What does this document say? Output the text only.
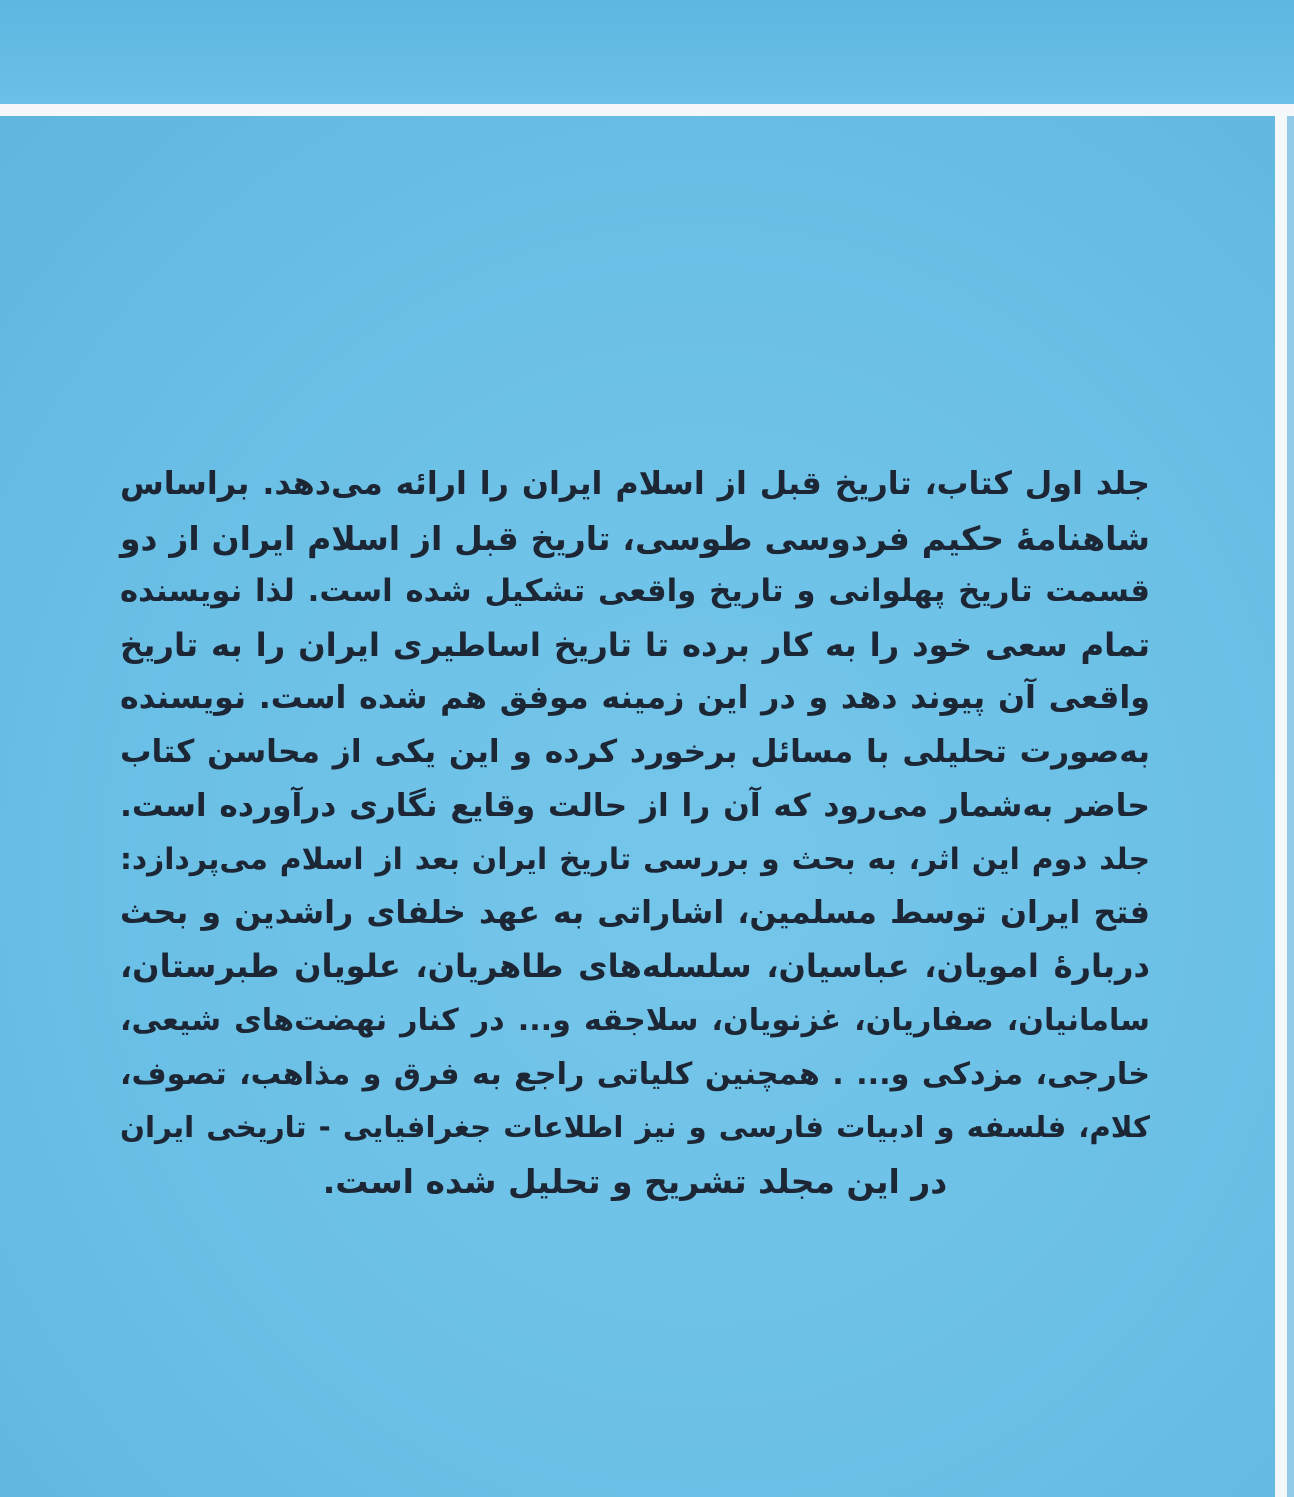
جلد اول کتاب، تاریخ قبل از اسلام ایران را ارائه می‌دهد. براساس
شاهنامهٔ حکیم فردوسی طوسی، تاریخ قبل از اسلام ایران از دو
قسمت تاریخ پهلوانی و تاریخ واقعی تشکیل شده است. لذا نویسنده
تمام سعی خود را به کار برده تا تاریخ اساطیری ایران را به تاریخ
واقعی آن پیوند دهد و در این زمینه موفق هم شده است. نویسنده
به‌صورت تحلیلی با مسائل برخورد کرده و این یکی از محاسن کتاب
حاضر به‌شمار می‌رود که آن را از حالت وقایع نگاری درآورده است.
جلد دوم این اثر، به بحث و بررسی تاریخ ایران بعد از اسلام می‌پردازد:
فتح ایران توسط مسلمین، اشاراتی به عهد خلفای راشدین و بحث
دربارهٔ امویان، عباسیان، سلسله‌های طاهریان، علویان طبرستان،
سامانیان، صفاریان، غزنویان، سلاجقه و... در کنار نهضت‌های شیعی،
خارجی، مزدکی و... . همچنین کلیاتی راجع به فرق و مذاهب، تصوف،
کلام، فلسفه و ادبیات فارسی و نیز اطلاعات جغرافیایی - تاریخی ایران
در این مجلد تشریح و تحلیل شده است.
